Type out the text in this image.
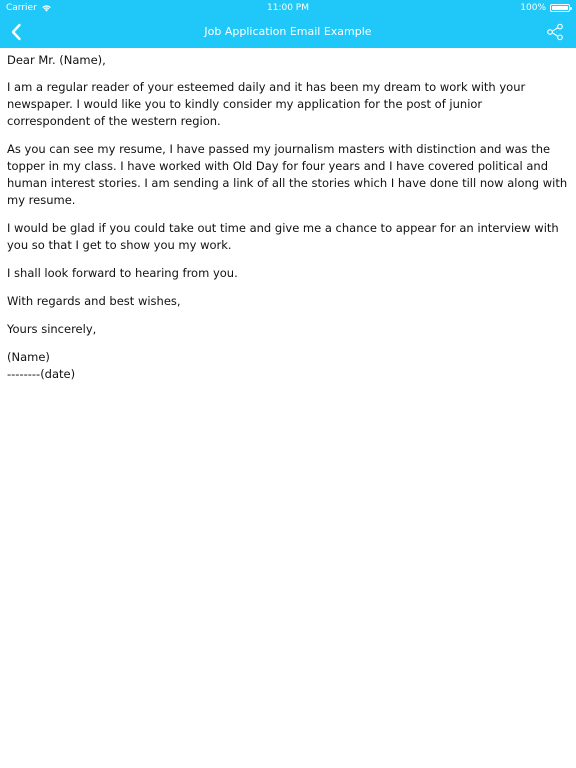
Carrier	11:00 PM	100%
Job Application Email Example

Dear Mr. (Name),

I am a regular reader of your esteemed daily and it has been my dream to work with your newspaper. I would like you to kindly consider my application for the post of junior correspondent of the western region.

As you can see my resume, I have passed my journalism masters with distinction and was the topper in my class. I have worked with Old Day for four years and I have covered political and human interest stories. I am sending a link of all the stories which I have done till now along with my resume.

I would be glad if you could take out time and give me a chance to appear for an interview with you so that I get to show you my work.

I shall look forward to hearing from you.

With regards and best wishes,

Yours sincerely,

(Name)

--------(date)
